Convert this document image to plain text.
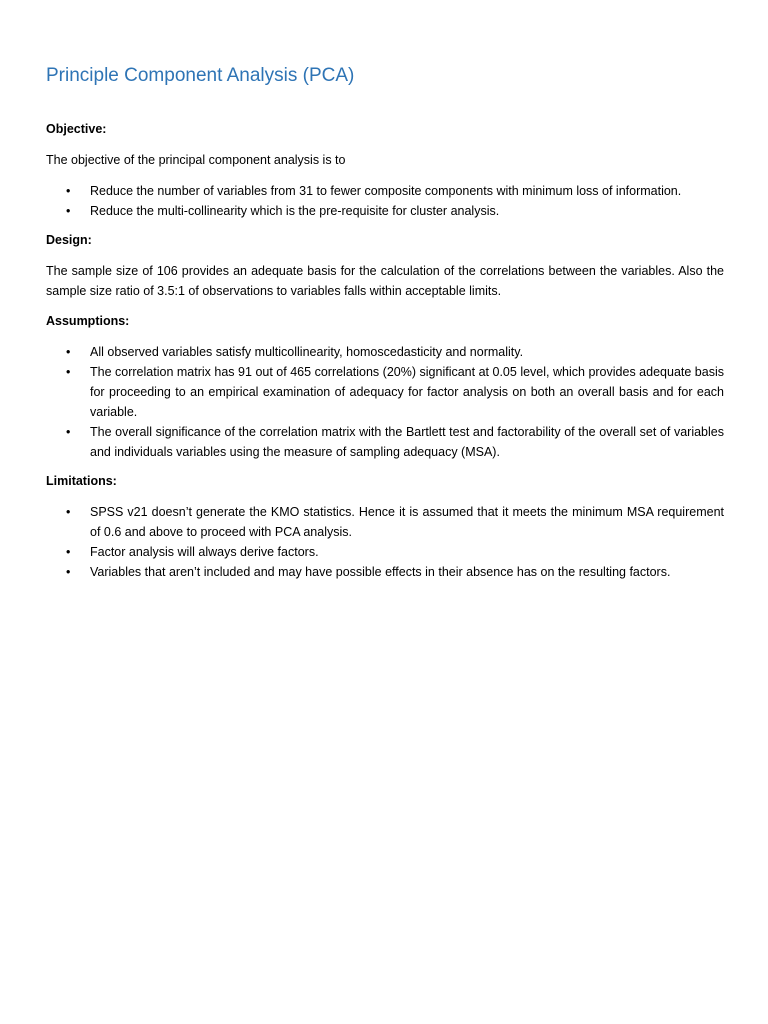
Principle Component Analysis (PCA)
Objective:
The objective of the principal component analysis is to
• Reduce the number of variables from 31 to fewer composite components with minimum loss of information.
• Reduce the multi-collinearity which is the pre-requisite for cluster analysis.
Design:
The sample size of 106 provides an adequate basis for the calculation of the correlations between the variables. Also the sample size ratio of 3.5:1 of observations to variables falls within acceptable limits.
Assumptions:
• All observed variables satisfy multicollinearity, homoscedasticity and normality.
• The correlation matrix has 91 out of 465 correlations (20%) significant at 0.05 level, which provides adequate basis for proceeding to an empirical examination of adequacy for factor analysis on both an overall basis and for each variable.
• The overall significance of the correlation matrix with the Bartlett test and factorability of the overall set of variables and individuals variables using the measure of sampling adequacy (MSA).
Limitations:
• SPSS v21 doesn’t generate the KMO statistics. Hence it is assumed that it meets the minimum MSA requirement of 0.6 and above to proceed with PCA analysis.
• Factor analysis will always derive factors.
• Variables that aren’t included and may have possible effects in their absence has on the resulting factors.
